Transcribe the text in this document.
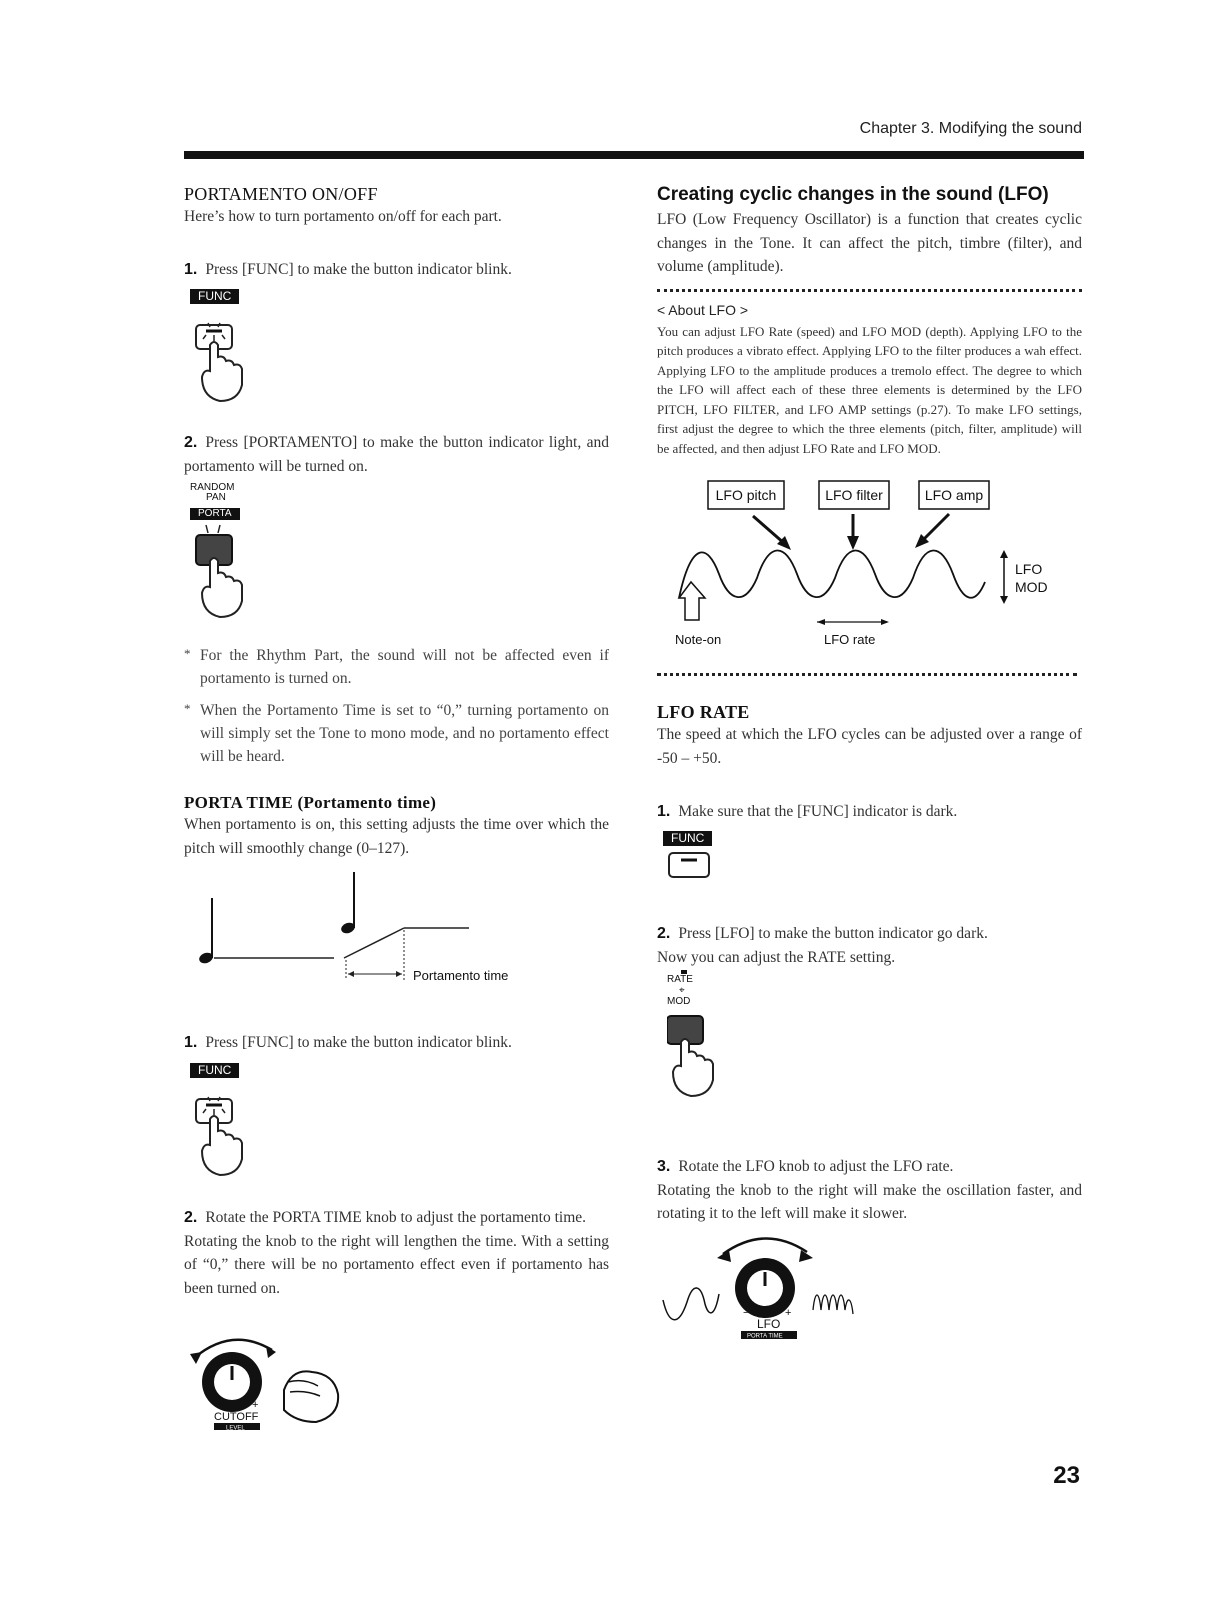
Chapter 3. Modifying the sound
PORTAMENTO ON/OFF

Here’s how to turn portamento on/off for each part.

1. Press [FUNC] to make the button indicator blink.

FUNC

2. Press [PORTAMENTO] to make the button indicator light, and portamento will be turned on.

RANDOM
PAN
PORTA
* For the Rhythm Part, the sound will not be affected even if portamento is turned on.
* When the Portamento Time is set to “0,” turning portamento on will simply set the Tone to mono mode, and no portamento effect will be heard.
PORTA TIME (Portamento time)

When portamento is on, this setting adjusts the time over which the pitch will smoothly change (0–127).

Portamento time

1. Press [FUNC] to make the button indicator blink.

FUNC

2. Rotate the PORTA TIME knob to adjust the portamento time.

Rotating the knob to the right will lengthen the time. With a setting of “0,” there will be no portamento effect even if portamento has been turned on.

−	+
CUTOFF
LEVEL
Creating cyclic changes in the sound (LFO)

LFO (Low Frequency Oscillator) is a function that creates cyclic changes in the Tone. It can affect the pitch, timbre (filter), and volume (amplitude).

< About LFO >

You can adjust LFO Rate (speed) and LFO MOD (depth). Applying LFO to the pitch produces a vibrato effect. Applying LFO to the filter produces a wah effect. Applying LFO to the amplitude produces a tremolo effect. The degree to which the LFO will affect each of these three elements is determined by the LFO PITCH, LFO FILTER, and LFO AMP settings (p.27). To make LFO settings, first adjust the degree to which the three elements (pitch, filter, amplitude) will be affected, and then adjust LFO Rate and LFO MOD.

LFO pitch	LFO filter	LFO amp
LFO
MOD
Note-on	LFO rate
LFO RATE

The speed at which the LFO cycles can be adjusted over a range of -50 – +50.

1. Make sure that the [FUNC] indicator is dark.

FUNC

2. Press [LFO] to make the button indicator go dark.

Now you can adjust the RATE setting.

RATE
⌖
MOD

3. Rotate the LFO knob to adjust the LFO rate.

Rotating the knob to the right will make the oscillation faster, and rotating it to the left will make it slower.

−	+
LFO
PORTA TIME
23
